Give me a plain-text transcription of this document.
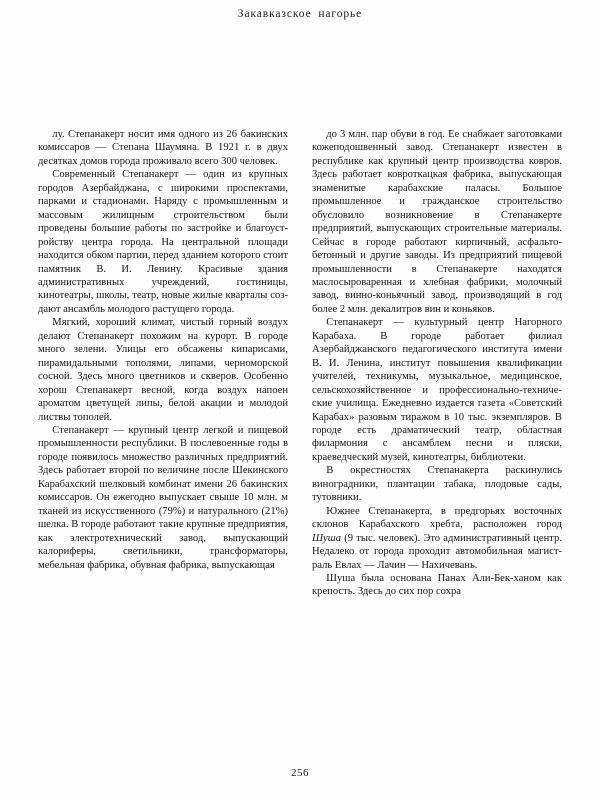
Закавказское нагорье

лу. Степанакерт носит имя одного из 26 бакинских комиссаров — Степана Шаумяна. В 1921 г. в двух десятках домов города проживало всего 300 человек.

Современный Степанакерт — один из крупных городов Азербайджана, с широкими проспектами, парками и стадионами. Наряду с промышленным и массовым жилищным строительством были проведены большие работы по застройке и благоустройству центра города. На центральной площади находится обком партии, перед зданием которого стоит памятник В. И. Ленину. Красивые здания административных учреждений, гостиницы, кинотеатры, школы, театр, новые жилые кварталы создают ансамбль молодого растущего города.

Мягкий, хороший климат, чистый горный воздух делают Степанакерт похожим на курорт. В городе много зелени. Улицы его обсажены кипарисами, пирамидальными тополями, липами, черноморской сосной. Здесь много цветников и скверов. Особенно хорош Степанакерт весной, когда воздух напоен ароматом цветущей липы, белой акации и молодой листвы тополей.

Степанакерт — крупный центр легкой и пищевой промышленности республики. В послевоенные годы в городе появилось множество различных предприятий. Здесь работает второй по величине после Шекинского Карабахский шелковый комбинат имени 26 бакинских комиссаров. Он ежегодно выпускает свыше 10 млн. м тканей из искусственного (79%) и натурального (21%) шелка. В городе работают такие крупные предприятия, как электротехнический завод, выпускающий калориферы, светильники, трансформаторы, мебельная фабрика, обувная фабрика, выпускающая

до 3 млн. пар обуви в год. Ее снабжает заготовками кожеподошвенный завод. Степанакерт известен в республике как крупный центр производства ковров. Здесь работает ковроткацкая фабрика, выпускающая знаменитые карабахские паласы. Большое промышленное и гражданское строительство обусловило возникновение в Степанакерте предприятий, выпускающих строительные материалы. Сейчас в городе работают кирпичный, асфальто-бетонный и другие заводы. Из предприятий пищевой промышленности в Степанакерте находятся маслосыроваренная и хлебная фабрики, молочный завод, винно-коньячный завод, производящий в год более 2 млн. декалитров вин и коньяков.

Степанакерт — культурный центр Нагорного Карабаха. В городе работает филиал Азербайджанского педагогического института имени В. И. Ленина, институт повышения квалификации учителей, техникумы, музыкальное, медицинское, сельскохозяйственное и профессионально-технические училища. Ежедневно издается газета «Советский Карабах» разовым тиражом в 10 тыс. экземпляров. В городе есть драматический театр, областная филармония с ансамблем песни и пляски, краеведческий музей, кинотеатры, библиотеки.

В окрестностях Степанакерта раскинулись виноградники, плантации табака, плодовые сады, тутовники.

Южнее Степанакерта, в предгорьях восточных склонов Карабахского хребта, расположен город Шуша (9 тыс. человек). Это административный центр. Недалеко от города проходит автомобильная магистраль Евлах — Лачин — Нахичевань.

Шуша была основана Панах Али-Бек-ханом как крепость. Здесь до сих пор сохра

256
